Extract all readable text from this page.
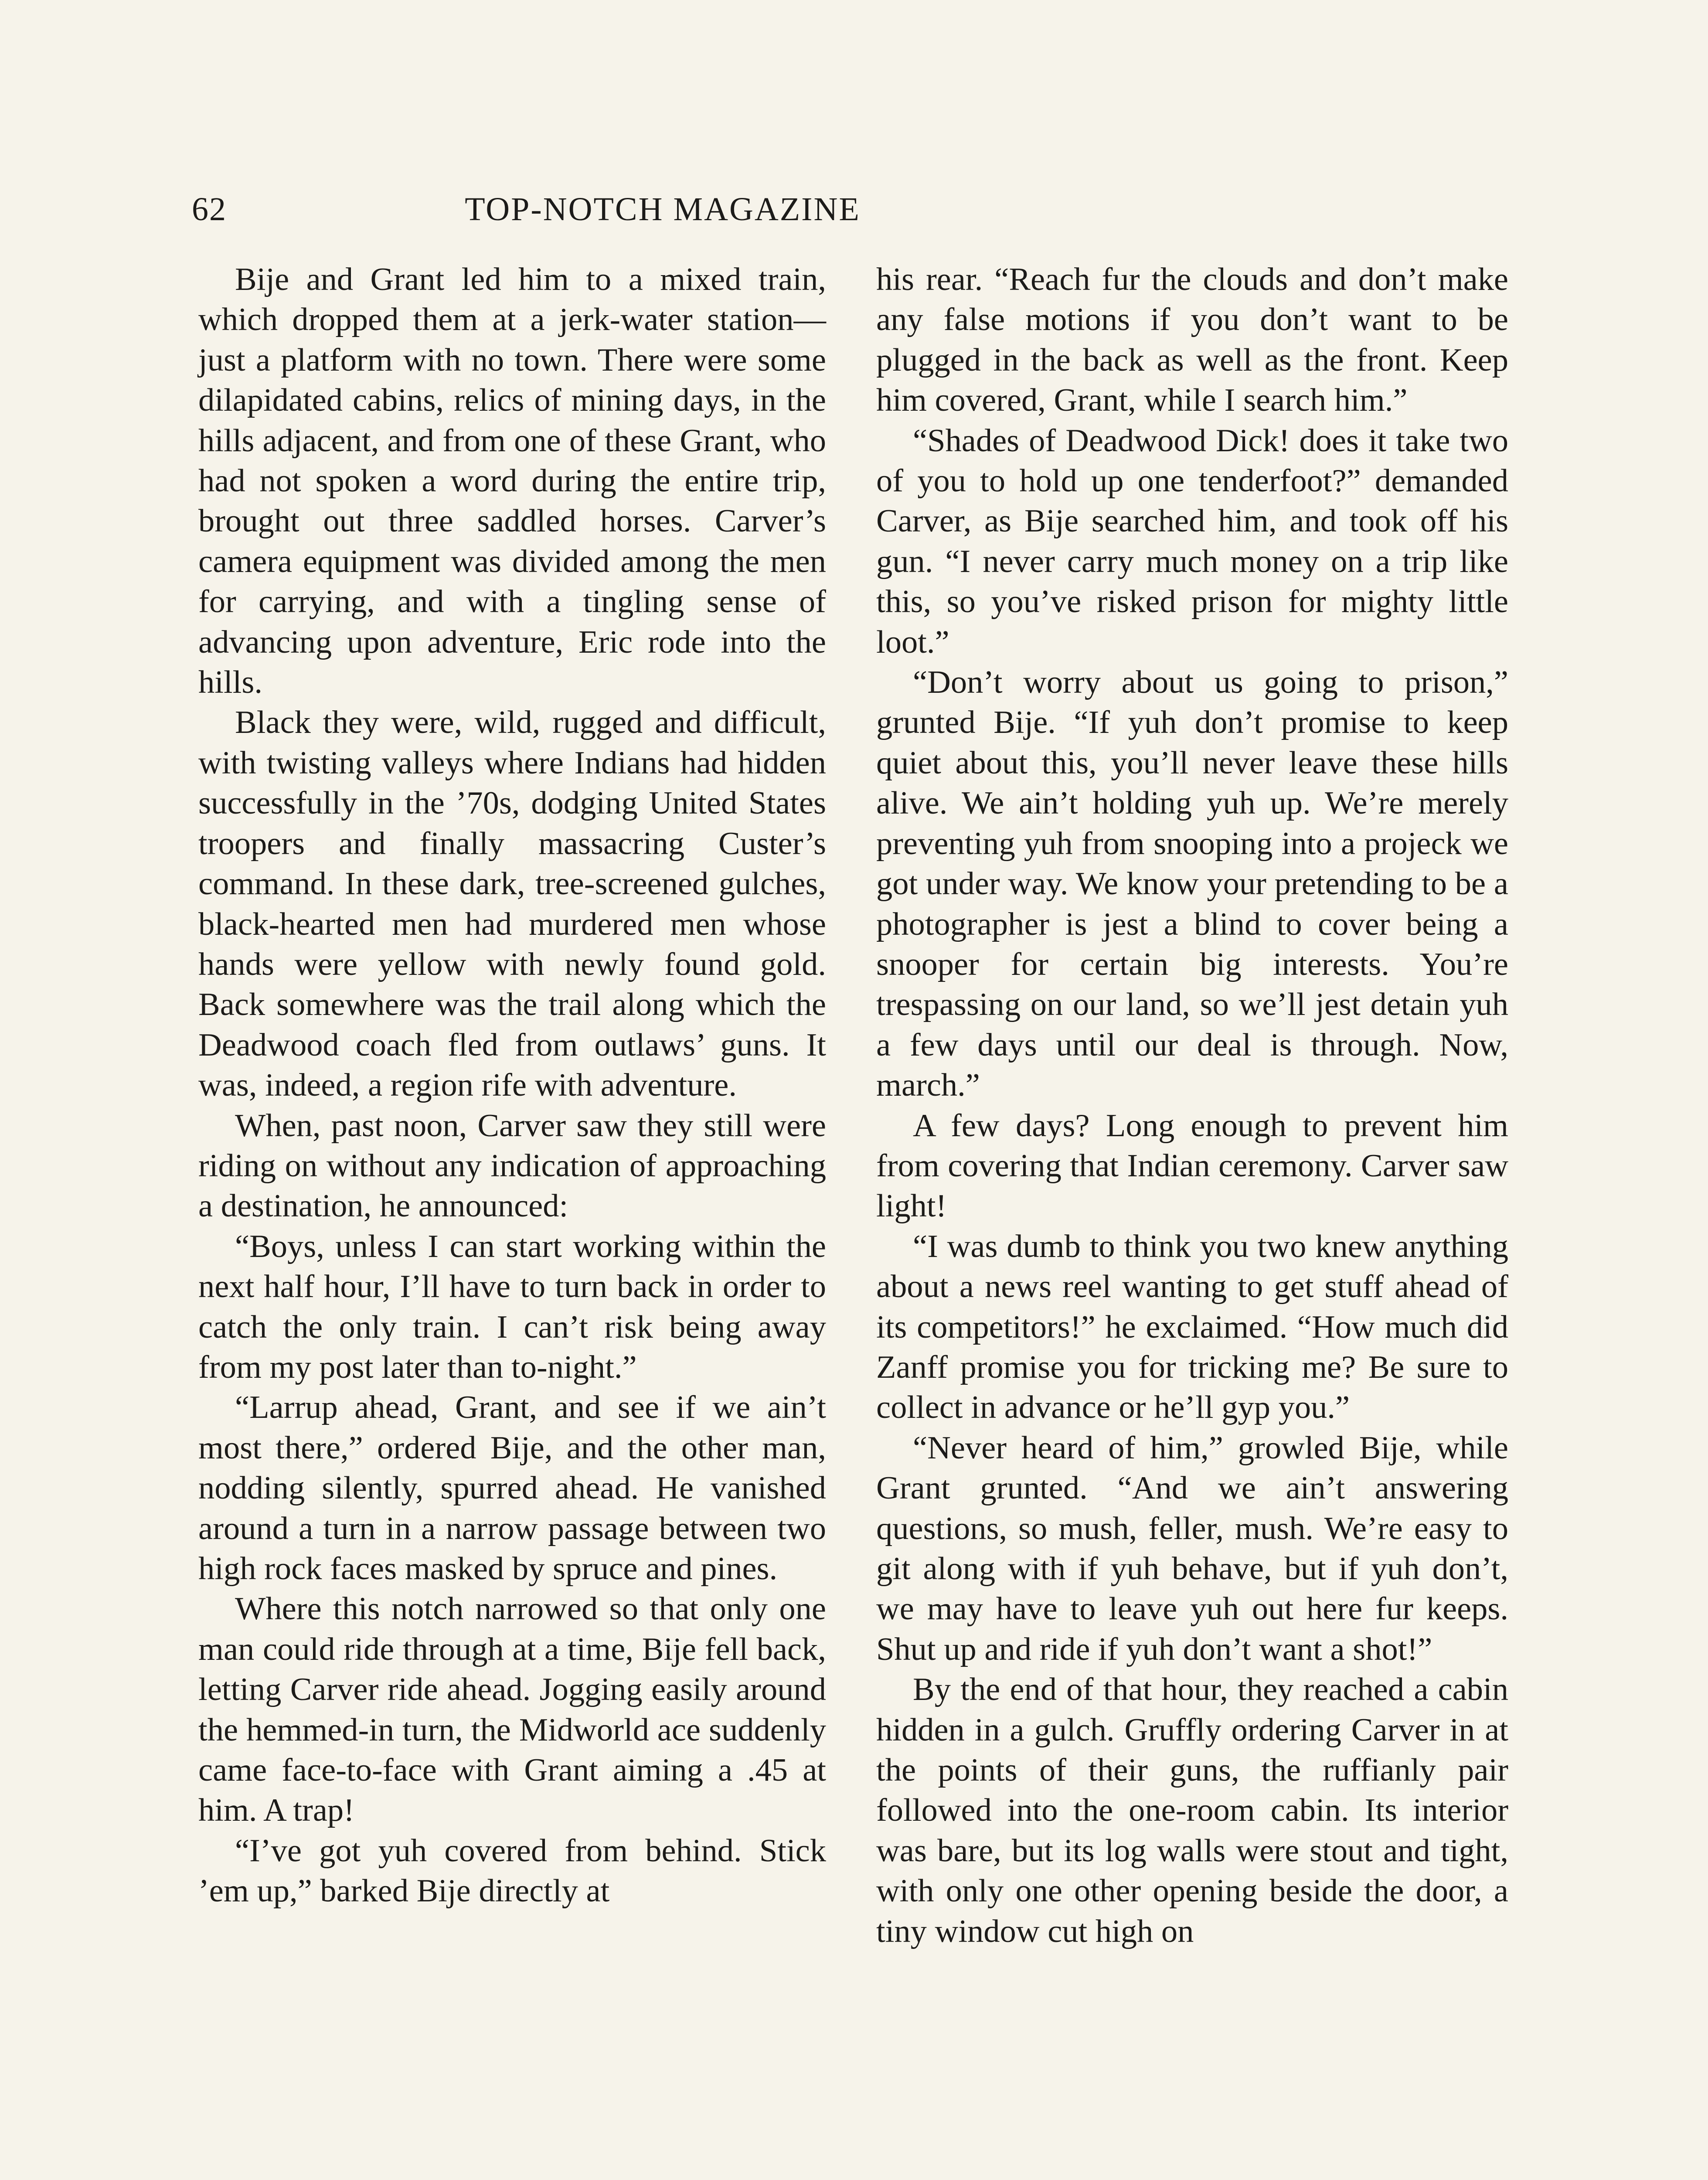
62	TOP-NOTCH MAGAZINE

Bije and Grant led him to a mixed train, which dropped them at a jerk-water station—just a platform with no town. There were some dilapidated cabins, relics of mining days, in the hills adjacent, and from one of these Grant, who had not spoken a word during the entire trip, brought out three saddled horses. Carver’s camera equipment was divided among the men for carrying, and with a tingling sense of advancing upon adventure, Eric rode into the hills.

Black they were, wild, rugged and difficult, with twisting valleys where Indians had hidden successfully in the ’70s, dodging United States troopers and finally massacring Custer’s command. In these dark, tree-screened gulches, black-hearted men had murdered men whose hands were yellow with newly found gold. Back somewhere was the trail along which the Deadwood coach fled from outlaws’ guns. It was, indeed, a region rife with adventure.

When, past noon, Carver saw they still were riding on without any indication of approaching a destination, he announced:

“Boys, unless I can start working within the next half hour, I’ll have to turn back in order to catch the only train. I can’t risk being away from my post later than to-night.”

“Larrup ahead, Grant, and see if we ain’t most there,” ordered Bije, and the other man, nodding silently, spurred ahead. He vanished around a turn in a narrow passage between two high rock faces masked by spruce and pines.

Where this notch narrowed so that only one man could ride through at a time, Bije fell back, letting Carver ride ahead. Jogging easily around the hemmed-in turn, the Midworld ace suddenly came face-to-face with Grant aiming a .45 at him. A trap!

“I’ve got yuh covered from behind. Stick ’em up,” barked Bije directly at

his rear. “Reach fur the clouds and don’t make any false motions if you don’t want to be plugged in the back as well as the front. Keep him covered, Grant, while I search him.”

“Shades of Deadwood Dick! does it take two of you to hold up one tenderfoot?” demanded Carver, as Bije searched him, and took off his gun. “I never carry much money on a trip like this, so you’ve risked prison for mighty little loot.”

“Don’t worry about us going to prison,” grunted Bije. “If yuh don’t promise to keep quiet about this, you’ll never leave these hills alive. We ain’t holding yuh up. We’re merely preventing yuh from snooping into a projeck we got under way. We know your pretending to be a photographer is jest a blind to cover being a snooper for certain big interests. You’re trespassing on our land, so we’ll jest detain yuh a few days until our deal is through. Now, march.”

A few days? Long enough to prevent him from covering that Indian ceremony. Carver saw light!

“I was dumb to think you two knew anything about a news reel wanting to get stuff ahead of its competitors!” he exclaimed. “How much did Zanff promise you for tricking me? Be sure to collect in advance or he’ll gyp you.”

“Never heard of him,” growled Bije, while Grant grunted. “And we ain’t answering questions, so mush, feller, mush. We’re easy to git along with if yuh behave, but if yuh don’t, we may have to leave yuh out here fur keeps. Shut up and ride if yuh don’t want a shot!”

By the end of that hour, they reached a cabin hidden in a gulch. Gruffly ordering Carver in at the points of their guns, the ruffianly pair followed into the one-room cabin. Its interior was bare, but its log walls were stout and tight, with only one other opening beside the door, a tiny window cut high on
